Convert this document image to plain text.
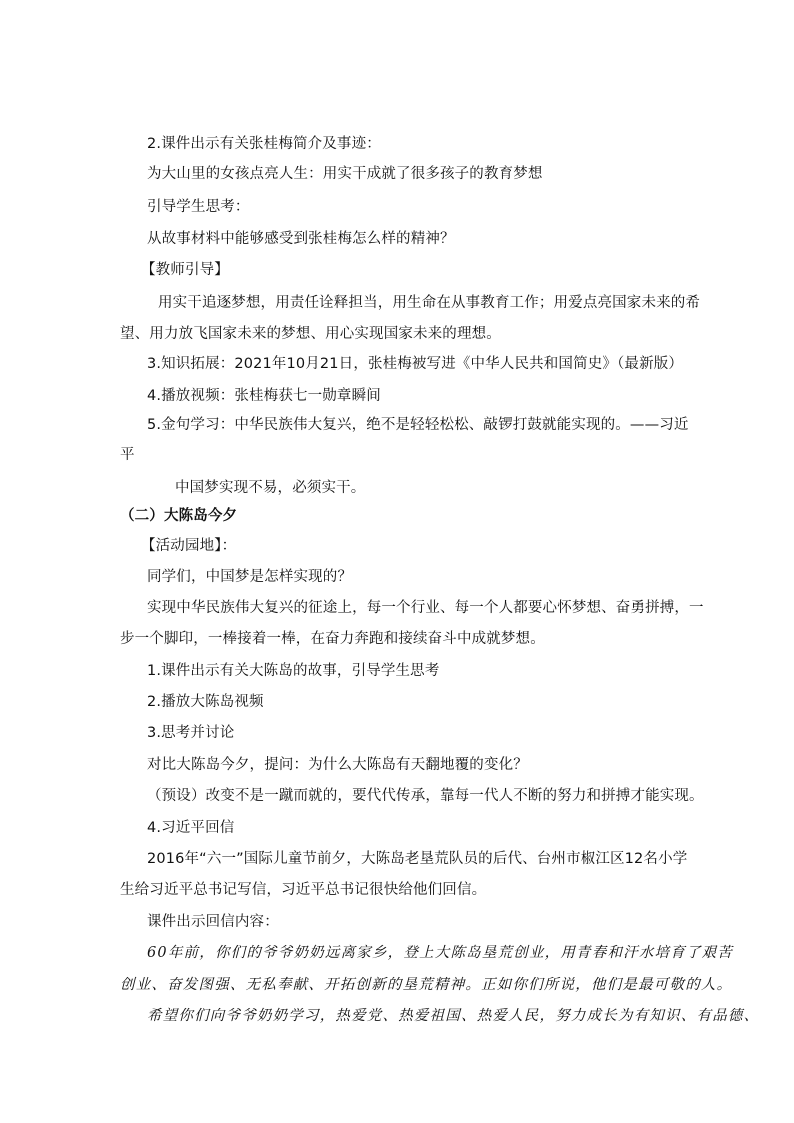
2.课件出示有关张桂梅简介及事迹：
为大山里的女孩点亮人生：用实干成就了很多孩子的教育梦想
引导学生思考：
从故事材料中能够感受到张桂梅怎么样的精神？
【教师引导】
用实干追逐梦想，用责任诠释担当，用生命在从事教育工作；用爱点亮国家未来的希
望、用力放飞国家未来的梦想、用心实现国家未来的理想。
3.知识拓展：2021年10月21日，张桂梅被写进《中华人民共和国简史》（最新版）
4.播放视频：张桂梅获七一勋章瞬间
5.金句学习：中华民族伟大复兴，绝不是轻轻松松、敲锣打鼓就能实现的。——习近
平
中国梦实现不易，必须实干。
（二）大陈岛今夕
【活动园地】：
同学们，中国梦是怎样实现的？
实现中华民族伟大复兴的征途上，每一个行业、每一个人都要心怀梦想、奋勇拼搏，一
步一个脚印，一棒接着一棒，在奋力奔跑和接续奋斗中成就梦想。
1.课件出示有关大陈岛的故事，引导学生思考
2.播放大陈岛视频
3.思考并讨论
对比大陈岛今夕，提问：为什么大陈岛有天翻地覆的变化？
（预设）改变不是一蹴而就的，要代代传承，靠每一代人不断的努力和拼搏才能实现。
4.习近平回信
2016年“六一”国际儿童节前夕，大陈岛老垦荒队员的后代、台州市椒江区12名小学
生给习近平总书记写信，习近平总书记很快给他们回信。
课件出示回信内容：
60年前，你们的爷爷奶奶远离家乡，登上大陈岛垦荒创业，用青春和汗水培育了艰苦
创业、奋发图强、无私奉献、开拓创新的垦荒精神。正如你们所说，他们是最可敬的人。
希望你们向爷爷奶奶学习，热爱党、热爱祖国、热爱人民，努力成长为有知识、有品德、
